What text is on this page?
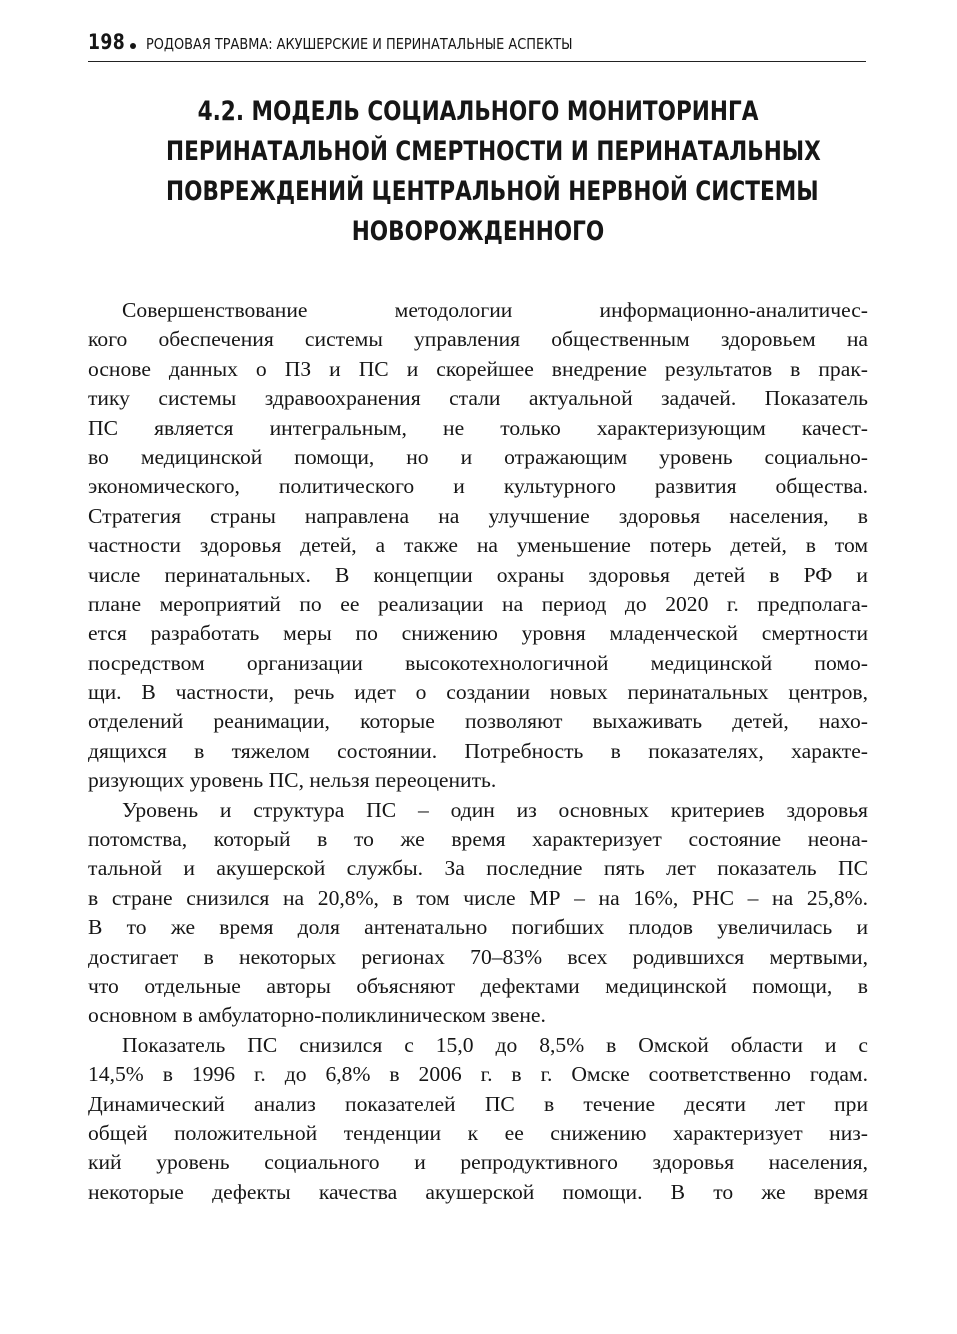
198 РОДОВАЯ ТРАВМА: АКУШЕРСКИЕ И ПЕРИНАТАЛЬНЫЕ АСПЕКТЫ
4.2. МОДЕЛЬ СОЦИАЛЬНОГО МОНИТОРИНГА
ПЕРИНАТАЛЬНОЙ СМЕРТНОСТИ И ПЕРИНАТАЛЬНЫХ
ПОВРЕЖДЕНИЙ ЦЕНТРАЛЬНОЙ НЕРВНОЙ СИСТЕМЫ
НОВОРОЖДЕННОГО
Совершенствование методологии информационно-аналитичес-
кого обеспечения системы управления общественным здоровьем на
основе данных о ПЗ и ПС и скорейшее внедрение результатов в прак-
тику системы здравоохранения стали актуальной задачей. Показатель
ПС является интегральным, не только характеризующим качест-
во медицинской помощи, но и отражающим уровень социально-
экономического, политического и культурного развития общества.
Стратегия страны направлена на улучшение здоровья населения, в
частности здоровья детей, а также на уменьшение потерь детей, в том
числе перинатальных. В концепции охраны здоровья детей в РФ и
плане мероприятий по ее реализации на период до 2020 г. предполага-
ется разработать меры по снижению уровня младенческой смертности
посредством организации высокотехнологичной медицинской помо-
щи. В частности, речь идет о создании новых перинатальных центров,
отделений реанимации, которые позволяют выхаживать детей, нахо-
дящихся в тяжелом состоянии. Потребность в показателях, характе-
ризующих уровень ПС, нельзя переоценить.
Уровень и структура ПС – один из основных критериев здоровья
потомства, который в то же время характеризует состояние неона-
тальной и акушерской службы. За последние пять лет показатель ПС
в стране снизился на 20,8%, в том числе МР – на 16%, РНС – на 25,8%.
В то же время доля антенатально погибших плодов увеличилась и
достигает в некоторых регионах 70–83% всех родившихся мертвыми,
что отдельные авторы объясняют дефектами медицинской помощи, в
основном в амбулаторно-поликлиническом звене.
Показатель ПС снизился с 15,0 до 8,5% в Омской области и с
14,5% в 1996 г. до 6,8% в 2006 г. в г. Омске соответственно годам.
Динамический анализ показателей ПС в течение десяти лет при
общей положительной тенденции к ее снижению характеризует низ-
кий уровень социального и репродуктивного здоровья населения,
некоторые дефекты качества акушерской помощи. В то же время
